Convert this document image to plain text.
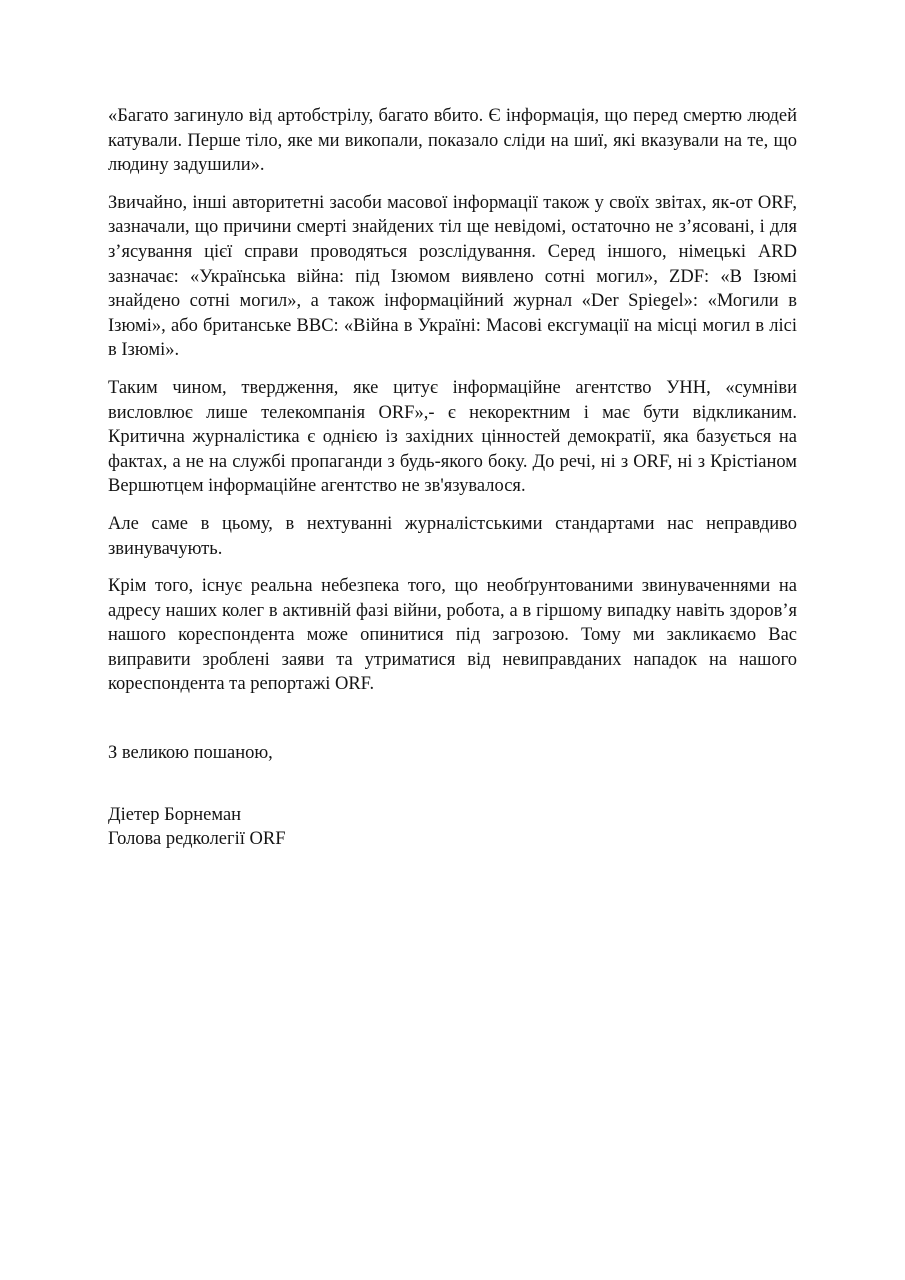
«Багато загинуло від артобстрілу, багато вбито. Є інформація, що перед смертю людей катували. Перше тіло, яке ми викопали, показало сліди на шиї, які вказували на те, що людину задушили».

Звичайно, інші авторитетні засоби масової інформації також у своїх звітах, як-от ORF, зазначали, що причини смерті знайдених тіл ще невідомі, остаточно не з’ясовані, і для з’ясування цієї справи проводяться розслідування. Серед іншого, німецькі ARD зазначає: «Українська війна: під Ізюмом виявлено сотні могил», ZDF: «В Ізюмі знайдено сотні могил», а також інформаційний журнал «Der Spiegel»: «Могили в Ізюмі», або британське BBC: «Війна в Україні: Масові ексгумації на місці могил в лісі в Ізюмі».

Таким чином, твердження, яке цитує інформаційне агентство УНН, «сумніви висловлює лише телекомпанія ORF»,- є некоректним і має бути відкликаним. Критична журналістика є однією із західних цінностей демократії, яка базується на фактах, а не на службі пропаганди з будь-якого боку. До речі, ні з ORF, ні з Крістіаном Вершютцем інформаційне агентство не зв'язувалося.

Але саме в цьому, в нехтуванні журналістськими стандартами нас неправдиво звинувачують.

Крім того, існує реальна небезпека того, що необґрунтованими звинуваченнями на адресу наших колег в активній фазі війни, робота, а в гіршому випадку навіть здоров’я нашого кореспондента може опинитися під загрозою. Тому ми закликаємо Вас виправити зроблені заяви та утриматися від невиправданих нападок на нашого кореспондента та репортажі ORF.

З великою пошаною,

Діетер Борнеман

Голова редколегії ORF
